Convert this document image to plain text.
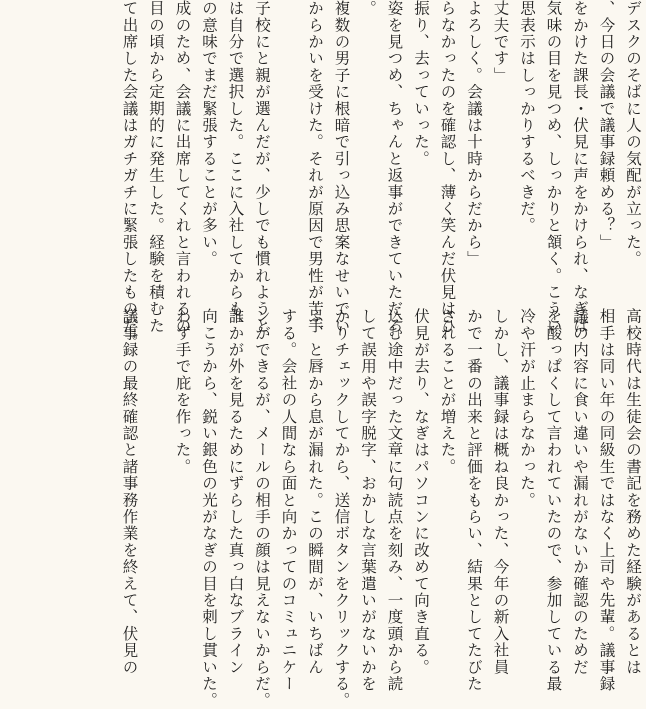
デスクのそばに人の気配が立った。

、今日の会議で議事録頼める？」

をかけた課長・伏見に声をかけられ、なぎは

気味の目を見つめ、しっかりと頷く。こうい

思表示はしっかりするべきだ。

丈夫です」

よろしく。会議は十時からだから」

らなかったのを確認し、薄く笑んだ伏見はひ

振り、去っていった。

姿を見つめ、ちゃんと返事ができていただろ

。

複数の男子に根暗で引っ込み思案なせいでい

からかいを受けた。それが原因で男性が苦手

子校にと親が選んだが、少しでも慣れようと

は自分で選択した。ここに入社してからも、

の意味でまだ緊張することが多い。

成のため、会議に出席してくれと言われるの

目の頃から定期的に発生した。経験を積むた

て出席した会議はガチガチに緊張したものだ。

高校時代は生徒会の書記を務めた経験があるとは

相手は同い年の同級生ではなく上司や先輩。議事録

議の内容に食い違いや漏れがないか確認のためだ

を酸っぱくして言われていたので、参加している最

冷や汗が止まらなかった。

しかし、議事録は概ね良かった、今年の新入社員

かで一番の出来と評価をもらい、結果としてたびた

されることが増えた。

伏見が去り、なぎはパソコンに改めて向き直る。

込む途中だった文章に句読点を刻み、一度頭から読

して誤用や誤字脱字、おかしな言葉遣いがないかを

かりチェックしてから、送信ボタンをクリックする。

ふ、と唇から息が漏れた。この瞬間が、いちばん

する。会社の人間なら面と向かってのコミュニケー

ンができるが、メールの相手の顔は見えないからだ。

誰かが外を見るためにずらした真っ白なブライン

向こうから、鋭い銀色の光がなぎの目を刺し貫いた。

わず手で庇を作った。

議事録の最終確認と諸事務作業を終えて、伏見の
